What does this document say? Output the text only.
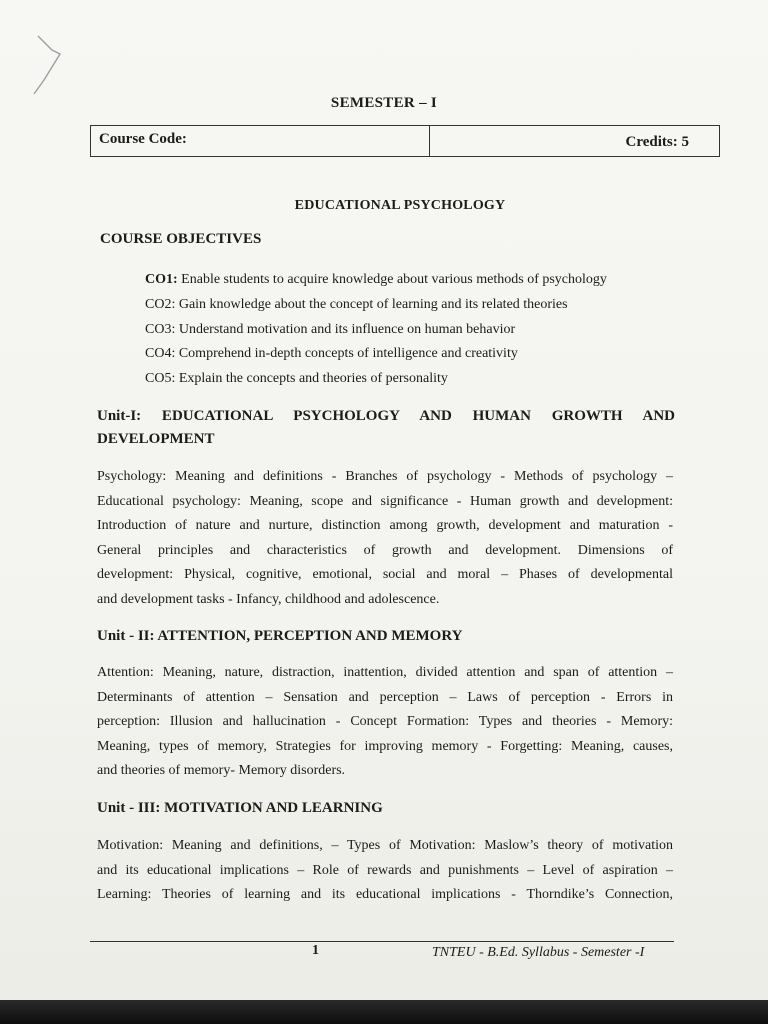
SEMESTER – I
Course Code:	Credits: 5
EDUCATIONAL PSYCHOLOGY
COURSE OBJECTIVES
CO1: Enable students to acquire knowledge about various methods of psychology
CO2: Gain knowledge about the concept of learning and its related theories
CO3: Understand motivation and its influence on human behavior
CO4: Comprehend in-depth concepts of intelligence and creativity
CO5: Explain the concepts and theories of personality
Unit-I: EDUCATIONAL PSYCHOLOGY AND HUMAN GROWTH AND
DEVELOPMENT
Psychology: Meaning and definitions - Branches of psychology - Methods of psychology –
Educational psychology: Meaning, scope and significance - Human growth and development:
Introduction of nature and nurture, distinction among growth, development and maturation -
General principles and characteristics of growth and development. Dimensions of
development: Physical, cognitive, emotional, social and moral – Phases of developmental
and development tasks - Infancy, childhood and adolescence.
Unit - II: ATTENTION, PERCEPTION AND MEMORY
Attention: Meaning, nature, distraction, inattention, divided attention and span of attention –
Determinants of attention – Sensation and perception – Laws of perception - Errors in
perception: Illusion and hallucination - Concept Formation: Types and theories - Memory:
Meaning, types of memory, Strategies for improving memory - Forgetting: Meaning, causes,
and theories of memory- Memory disorders.
Unit - III: MOTIVATION AND LEARNING
Motivation: Meaning and definitions, – Types of Motivation: Maslow’s theory of motivation
and its educational implications – Role of rewards and punishments – Level of aspiration –
Learning: Theories of learning and its educational implications - Thorndike’s Connection,
1	TNTEU - B.Ed. Syllabus - Semester -I
